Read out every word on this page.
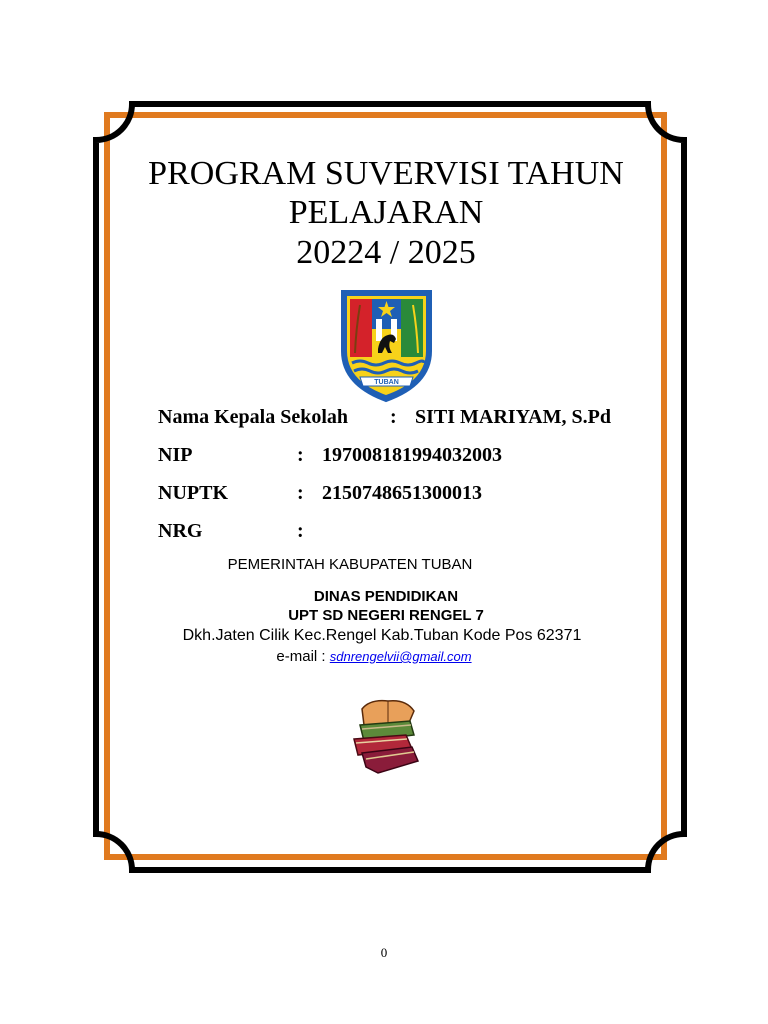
PROGRAM SUVERVISI TAHUN
PELAJARAN
20224 / 2025
TUBAN
Nama Kepala Sekolah : SITI MARIYAM, S.Pd
NIP	: 197008181994032003
NUPTK	: 2150748651300013
NRG	:
PEMERINTAH KABUPATEN TUBAN
DINAS PENDIDIKAN
UPT SD NEGERI RENGEL 7
Dkh.Jaten Cilik Kec.Rengel Kab.Tuban Kode Pos 62371
e-mail : sdnrengelvii@gmail.com
0
